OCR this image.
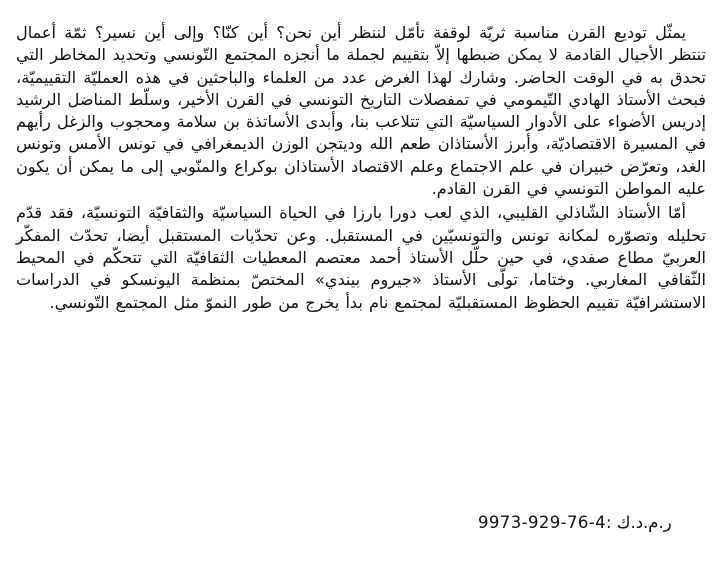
يمثّل توديع القرن مناسبة ثريّة لوقفة تأمّل لننظر أين نحن؟ أين كنّا؟ وإلى أين نسير؟ ثمّة أعمال تنتظر الأجيال القادمة لا يمكن ضبطها إلاّ بتقييم لجملة ما أنجزه المجتمع التّونسي وتحديد المخاطر التي تحدق به في الوقت الحاضر. وشارك لهذا الغرض عدد من العلماء والباحثين في هذه العمليّة التقييميّة، فبحث الأستاذ الهادي التّيمومي في تمفصلات التاريخ التونسي في القرن الأخير، وسلّط المناضل الرشيد إدريس الأضواء على الأدوار السياسيّة التي تتلاعب بنا، وأبدى الأساتذة بن سلامة ومحجوب والزغل رأيهم في المسيرة الاقتصاديّة، وأبرز الأستاذان طعم الله وديتجن الوزن الديمغرافي في تونس الأمس وتونس الغد، وتعرّض خبيران في علم الاجتماع وعلم الاقتصاد الأستاذان بوكراع والمنّوبي إلى ما يمكن أن يكون عليه المواطن التونسي في القرن القادم.

أمّا الأستاذ الشّاذلي القليبي، الذي لعب دورا بارزا في الحياة السياسيّة والثقافيّة التونسيّة، فقد قدّم تحليله وتصوّره لمكانة تونس والتونسيّين في المستقبل. وعن تحدّيات المستقبل أيضا، تحدّث المفكّر العربيّ مطاع صفدي، في حين حلّل الأستاذ أحمد معتصم المعطيات الثقافيّة التي تتحكّم في المحيط الثّقافي المغاربي. وختاما، تولّى الأستاذ «جيروم بيندي» المختصّ بمنظمة اليونسكو في الدراسات الاستشرافيّة تقييم الحظوظ المستقبليّة لمجتمع نام بدأ يخرج من طور النموّ مثل المجتمع التّونسي.

ر.م.د.ك :9973-929-76-4
